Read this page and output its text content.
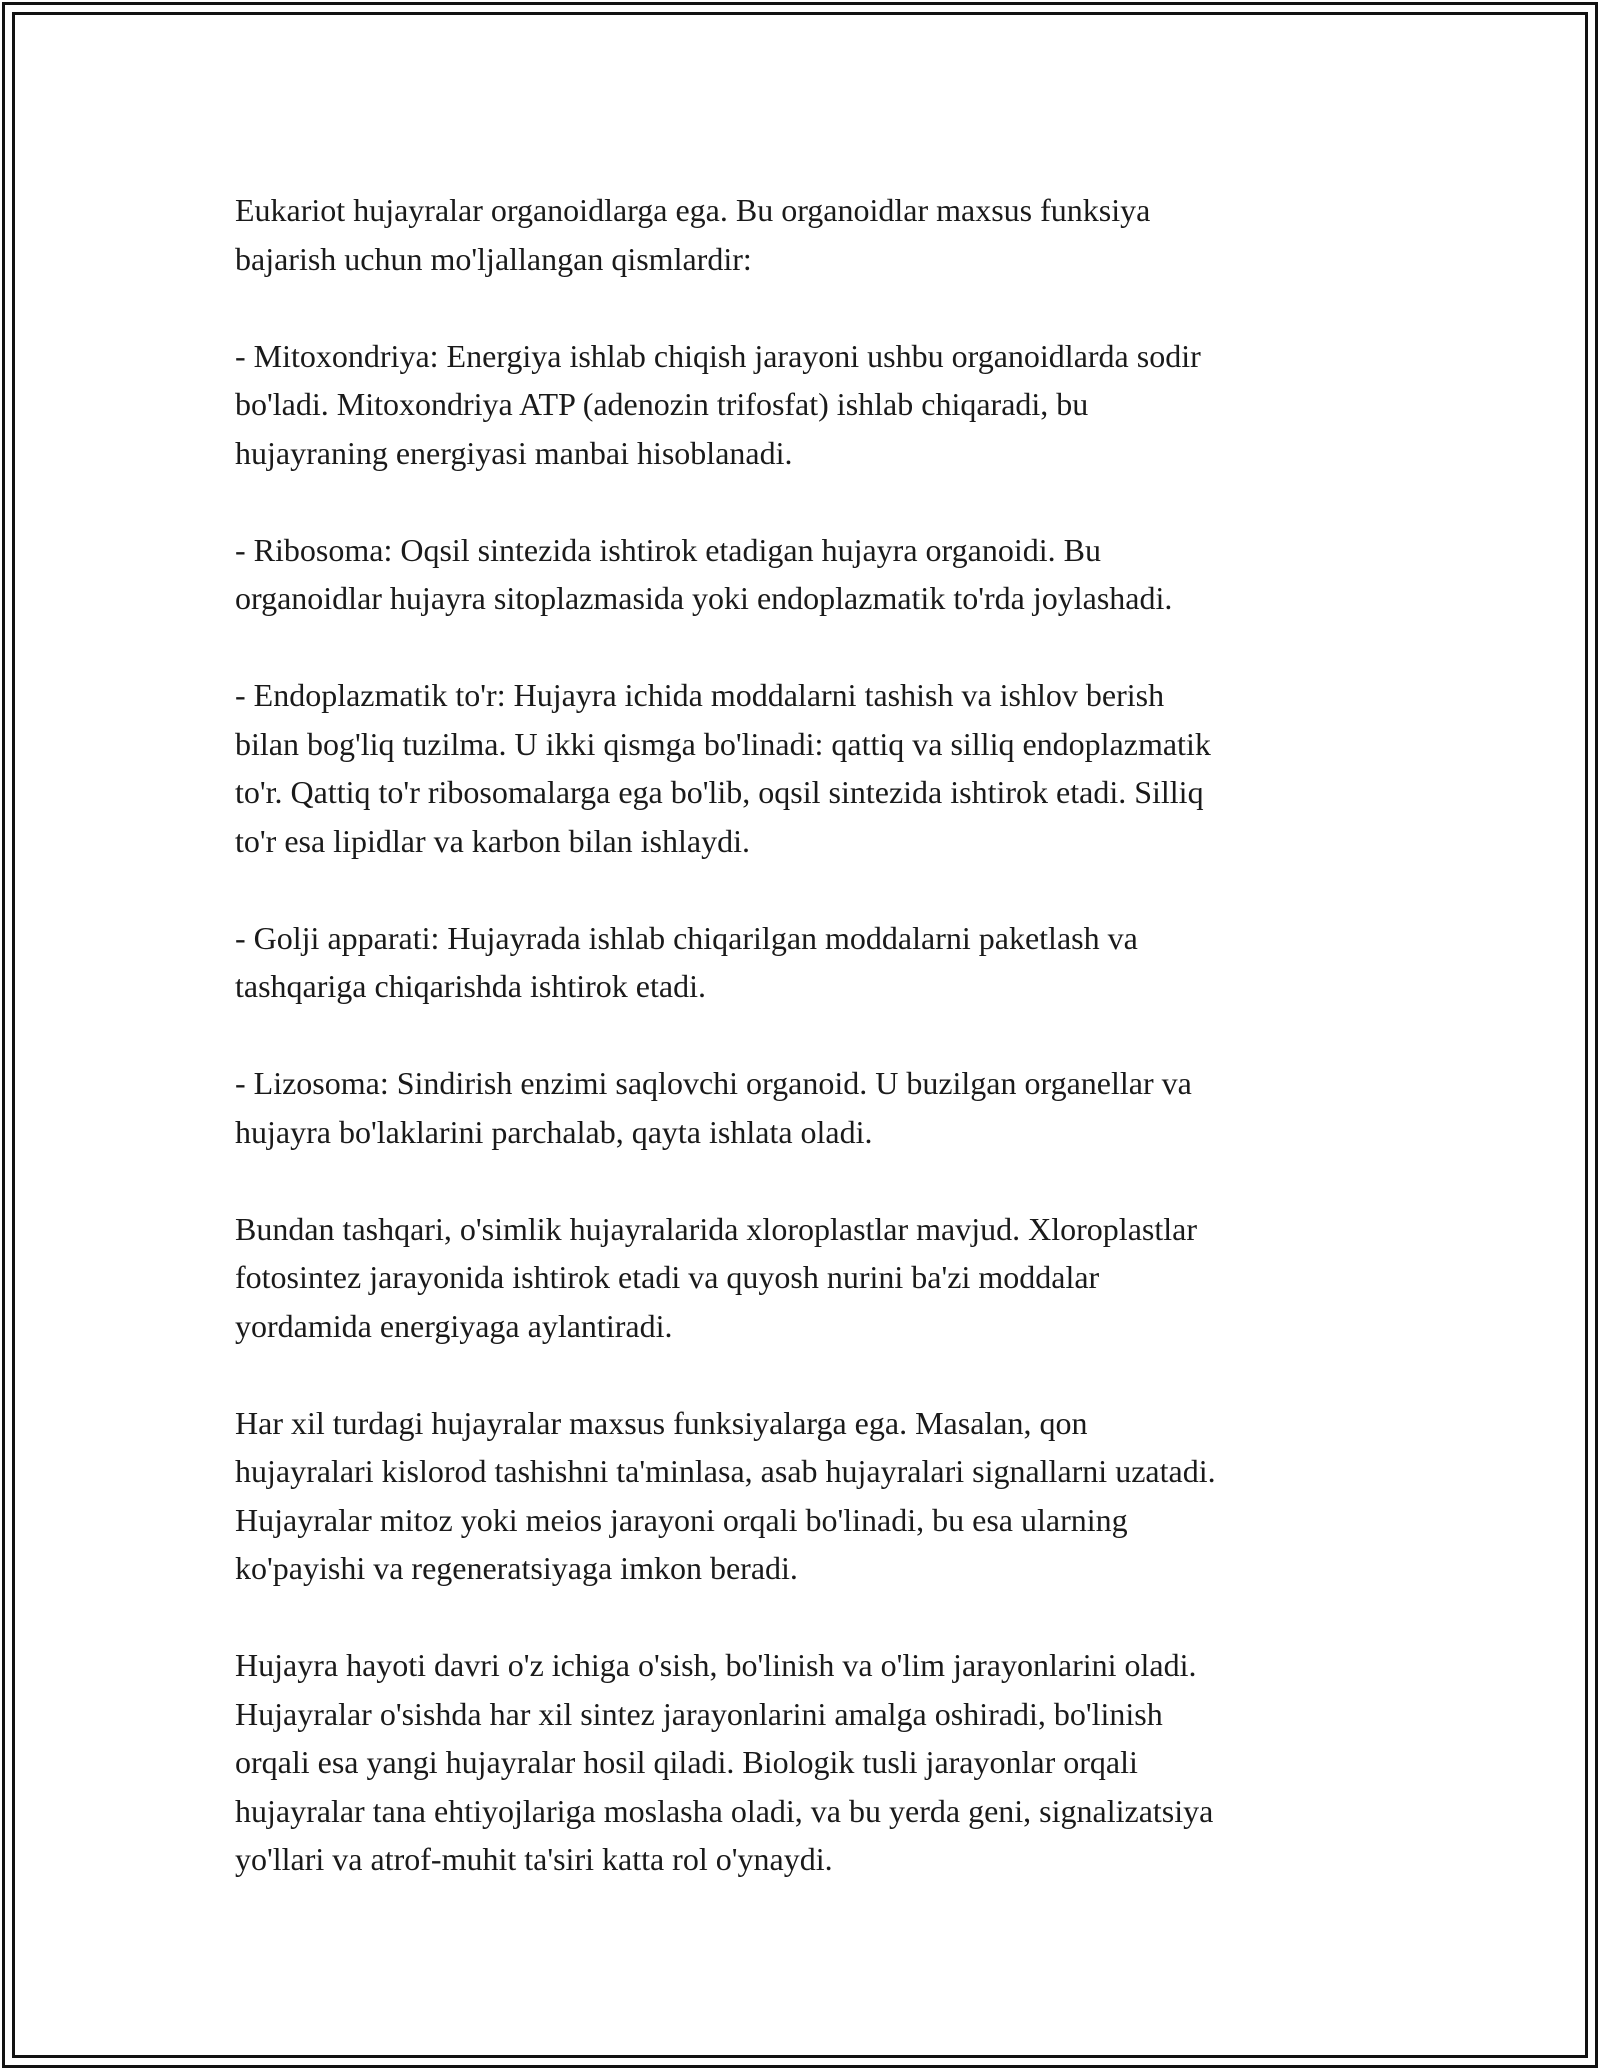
Eukariot hujayralar organoidlarga ega. Bu organoidlar maxsus funksiya
bajarish uchun mo'ljallangan qismlardir:

- Mitoxondriya: Energiya ishlab chiqish jarayoni ushbu organoidlarda sodir
bo'ladi. Mitoxondriya ATP (adenozin trifosfat) ishlab chiqaradi, bu
hujayraning energiyasi manbai hisoblanadi.

- Ribosoma: Oqsil sintezida ishtirok etadigan hujayra organoidi. Bu
organoidlar hujayra sitoplazmasida yoki endoplazmatik to'rda joylashadi.

- Endoplazmatik to'r: Hujayra ichida moddalarni tashish va ishlov berish
bilan bog'liq tuzilma. U ikki qismga bo'linadi: qattiq va silliq endoplazmatik
to'r. Qattiq to'r ribosomalarga ega bo'lib, oqsil sintezida ishtirok etadi. Silliq
to'r esa lipidlar va karbon bilan ishlaydi.

- Golji apparati: Hujayrada ishlab chiqarilgan moddalarni paketlash va
tashqariga chiqarishda ishtirok etadi.

- Lizosoma: Sindirish enzimi saqlovchi organoid. U buzilgan organellar va
hujayra bo'laklarini parchalab, qayta ishlata oladi.

Bundan tashqari, o'simlik hujayralarida xloroplastlar mavjud. Xloroplastlar
fotosintez jarayonida ishtirok etadi va quyosh nurini ba'zi moddalar
yordamida energiyaga aylantiradi.

Har xil turdagi hujayralar maxsus funksiyalarga ega. Masalan, qon
hujayralari kislorod tashishni ta'minlasa, asab hujayralari signallarni uzatadi.
Hujayralar mitoz yoki meios jarayoni orqali bo'linadi, bu esa ularning
ko'payishi va regeneratsiyaga imkon beradi.

Hujayra hayoti davri o'z ichiga o'sish, bo'linish va o'lim jarayonlarini oladi.
Hujayralar o'sishda har xil sintez jarayonlarini amalga oshiradi, bo'linish
orqali esa yangi hujayralar hosil qiladi. Biologik tusli jarayonlar orqali
hujayralar tana ehtiyojlariga moslasha oladi, va bu yerda geni, signalizatsiya
yo'llari va atrof-muhit ta'siri katta rol o'ynaydi.
